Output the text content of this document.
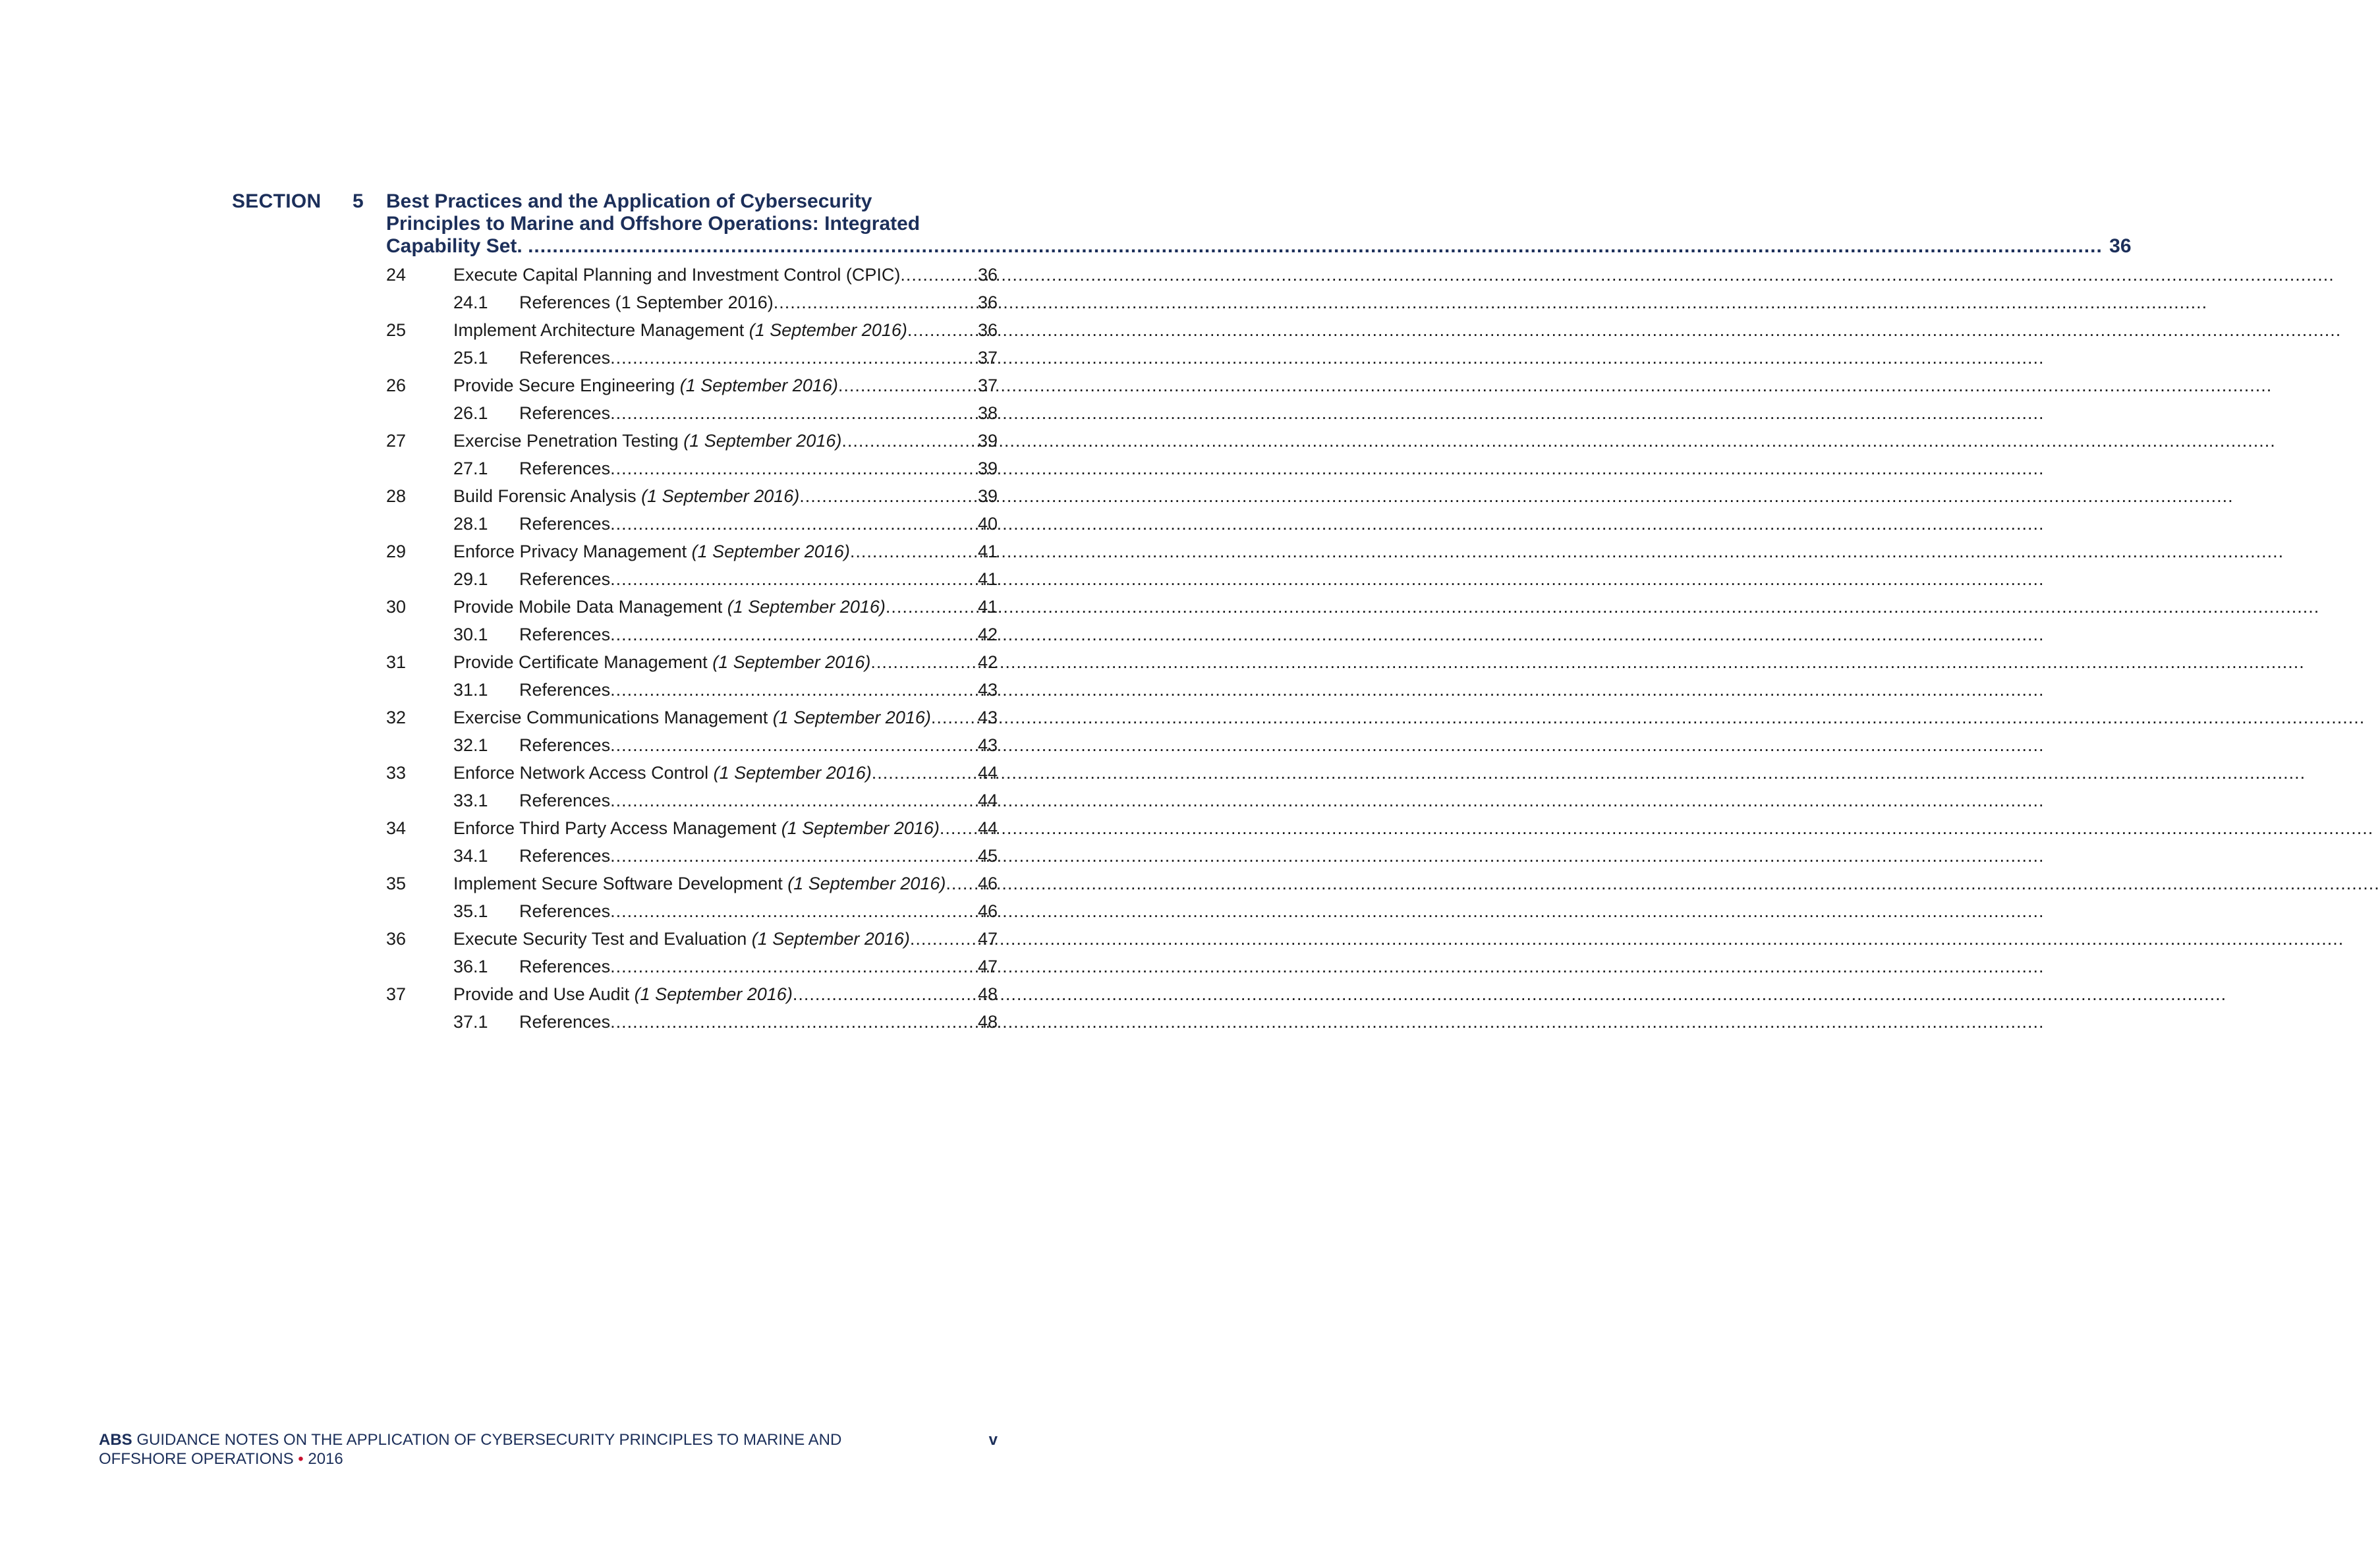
SECTION 5 Best Practices and the Application of Cybersecurity
Principles to Marine and Offshore Operations: Integrated
Capability Set. .....	36
24	Execute Capital Planning and Investment Control (CPIC) .....	36
24.1 References (1 September 2016) .....	36
25	Implement Architecture Management (1 September 2016) .....	36
25.1 References .....	37
26	Provide Secure Engineering (1 September 2016) .....	37
26.1 References .....	38
27	Exercise Penetration Testing (1 September 2016) .....	39
27.1 References .....	39
28	Build Forensic Analysis (1 September 2016) .....	39
28.1 References .....	40
29	Enforce Privacy Management (1 September 2016) .....	41
29.1 References .....	41
30	Provide Mobile Data Management (1 September 2016) .....	41
30.1 References .....	42
31	Provide Certificate Management (1 September 2016) .....	42
31.1 References .....	43
32	Exercise Communications Management (1 September 2016) .....	43
32.1 References .....	43
33	Enforce Network Access Control (1 September 2016) .....	44
33.1 References .....	44
34	Enforce Third Party Access Management (1 September 2016) ..... 44
34.1 References .....	45
35	Implement Secure Software Development (1 September 2016) ..... 46
35.1 References .....	46
36	Execute Security Test and Evaluation (1 September 2016) .....	47
36.1 References .....	47
37	Provide and Use Audit (1 September 2016) .....	48
37.1 References .....	48
ABS GUIDANCE NOTES ON THE APPLICATION OF CYBERSECURITY PRINCIPLES TO MARINE AND
OFFSHORE OPERATIONS • 2016
v
